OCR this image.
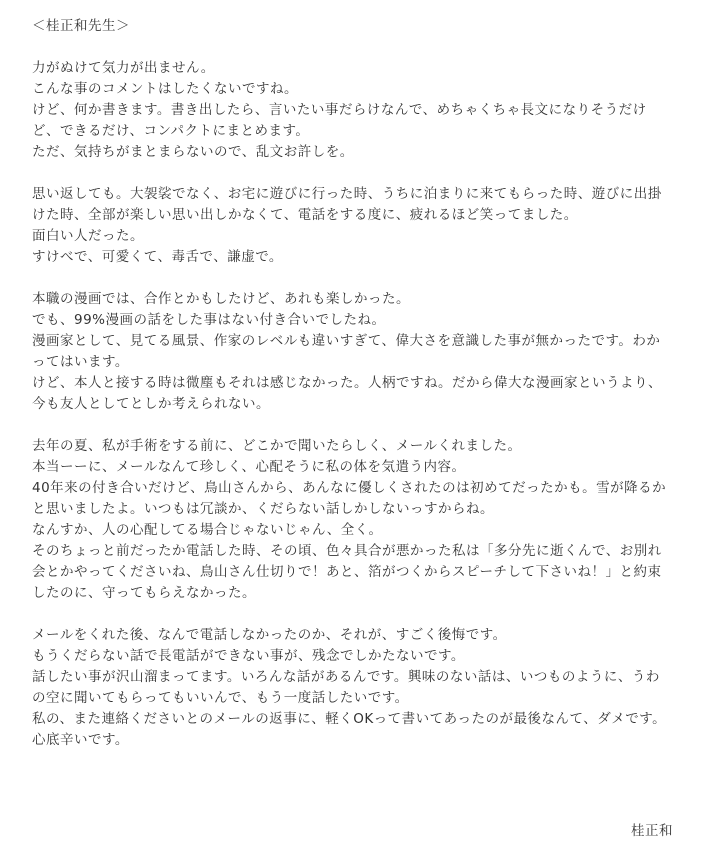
＜桂正和先生＞
力がぬけて気力が出ません。
こんな事のコメントはしたくないですね。
けど、何か書きます。書き出したら、言いたい事だらけなんで、めちゃくちゃ長文になりそうだけ
ど、できるだけ、コンパクトにまとめます。
ただ、気持ちがまとまらないので、乱文お許しを。
思い返しても。大袈裟でなく、お宅に遊びに行った時、うちに泊まりに来てもらった時、遊びに出掛
けた時、全部が楽しい思い出しかなくて、電話をする度に、疲れるほど笑ってました。
面白い人だった。
すけべで、可愛くて、毒舌で、謙虚で。
本職の漫画では、合作とかもしたけど、あれも楽しかった。
でも、99%漫画の話をした事はない付き合いでしたね。
漫画家として、見てる風景、作家のレベルも違いすぎて、偉大さを意識した事が無かったです。わか
ってはいます。
けど、本人と接する時は微塵もそれは感じなかった。人柄ですね。だから偉大な漫画家というより、
今も友人としてとしか考えられない。
去年の夏、私が手術をする前に、どこかで聞いたらしく、メールくれました。
本当ーーに、メールなんて珍しく、心配そうに私の体を気遣う内容。
40年来の付き合いだけど、鳥山さんから、あんなに優しくされたのは初めてだったかも。雪が降るか
と思いましたよ。いつもは冗談か、くだらない話しかしないっすからね。
なんすか、人の心配してる場合じゃないじゃん、全く。
そのちょっと前だったか電話した時、その頃、色々具合が悪かった私は「多分先に逝くんで、お別れ
会とかやってくださいね、鳥山さん仕切りで！あと、箔がつくからスピーチして下さいね！」と約束
したのに、守ってもらえなかった。
メールをくれた後、なんで電話しなかったのか、それが、すごく後悔です。
もうくだらない話で長電話ができない事が、残念でしかたないです。
話したい事が沢山溜まってます。いろんな話があるんです。興味のない話は、いつものように、うわ
の空に聞いてもらってもいいんで、もう一度話したいです。
私の、また連絡くださいとのメールの返事に、軽くOKって書いてあったのが最後なんて、ダメです。
心底辛いです。
桂正和
